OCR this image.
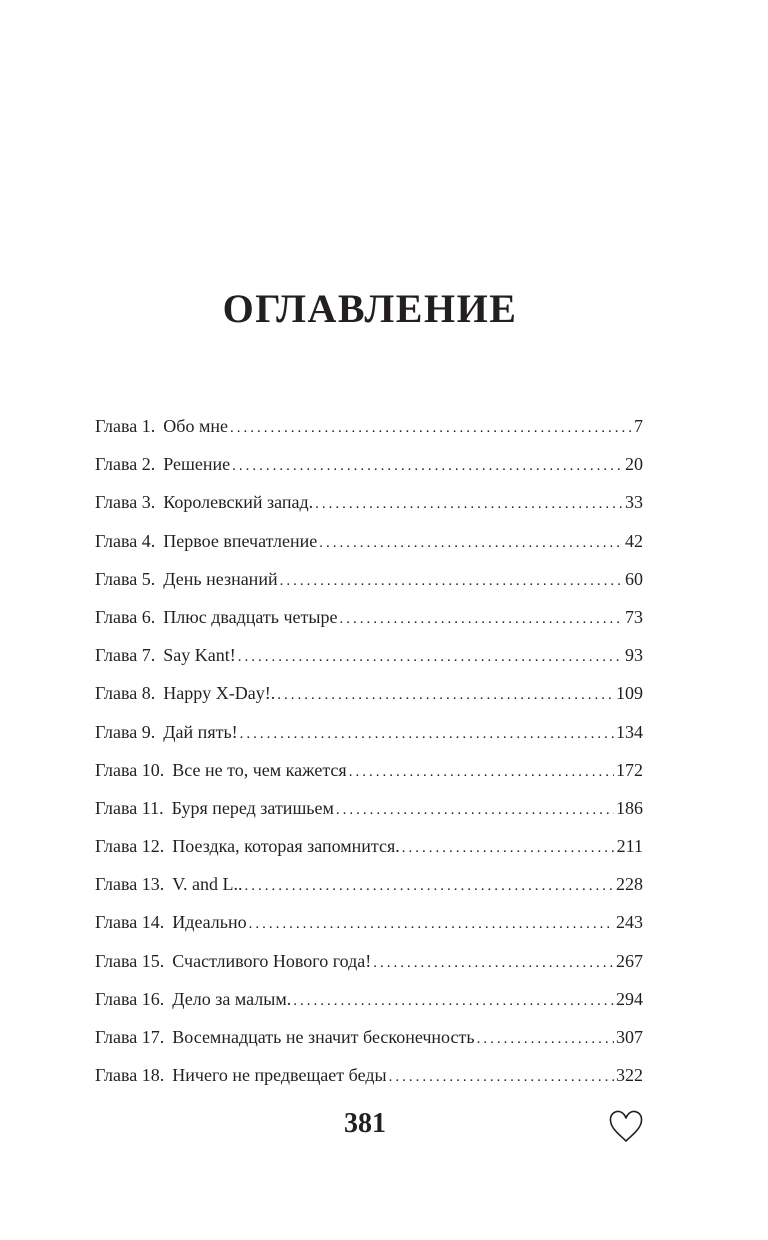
ОГЛАВЛЕНИЕ
Глава 1. Обо мне .....	7
Глава 2. Решение .....	20
Глава 3. Королевский запад. .....	33
Глава 4. Первое впечатление .....	42
Глава 5. День незнаний .....	60
Глава 6. Плюс двадцать четыре .....	73
Глава 7. Say Kant! .....	93
Глава 8. Happy X-Day!. .....	109
Глава 9. Дай пять! .....	134
Глава 10. Все не то, чем кажется .....	172
Глава 11. Буря перед затишьем .....	186
Глава 12. Поездка, которая запомнится. .....	211
Глава 13. V. and L.. .....	228
Глава 14. Идеально .....	243
Глава 15. Счастливого Нового года! .....	267
Глава 16. Дело за малым. .....	294
Глава 17. Восемнадцать не значит бесконечность .....	307
Глава 18. Ничего не предвещает беды .....	322
381
